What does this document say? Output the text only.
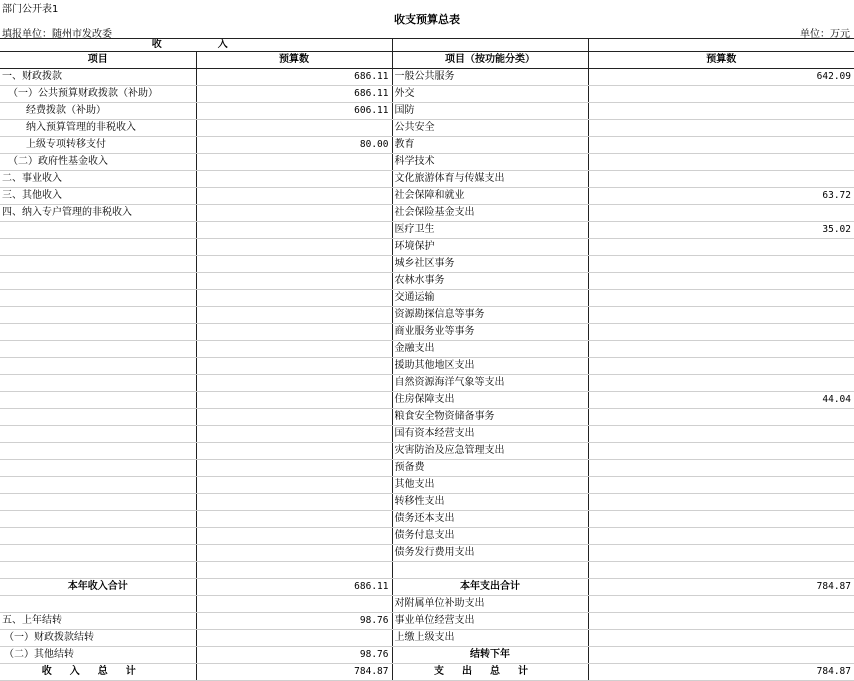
部门公开表1
收支预算总表
填报单位：随州市发改委	单位：万元
收　　入			
项目	预算数	项目（按功能分类）	预算数
一、财政拨款	686.11	一般公共服务	642.09
（一）公共预算财政拨款（补助）	686.11	外交	
经费拨款（补助）	606.11	国防	
纳入预算管理的非税收入		公共安全	
上级专项转移支付	80.00	教育	
（二）政府性基金收入		科学技术	
二、事业收入		文化旅游体育与传媒支出	
三、其他收入		社会保障和就业	63.72
四、纳入专户管理的非税收入		社会保险基金支出	
		医疗卫生	35.02
		环境保护	
		城乡社区事务	
		农林水事务	
		交通运输	
		资源勘探信息等事务	
		商业服务业等事务	
		金融支出	
		援助其他地区支出	
		自然资源海洋气象等支出	
		住房保障支出	44.04
		粮食安全物资储备事务	
		国有资本经营支出	
		灾害防治及应急管理支出	
		预备费	
		其他支出	
		转移性支出	
		债务还本支出	
		债务付息支出	
		债务发行费用支出	

本年收入合计	686.11	本年支出合计	784.87
		对附属单位补助支出	
五、上年结转	98.76	事业单位经营支出	
（一）财政拨款结转		上缴上级支出	
（二）其他结转	98.76	结转下年	
收入总计	784.87	支出总计	784.87
